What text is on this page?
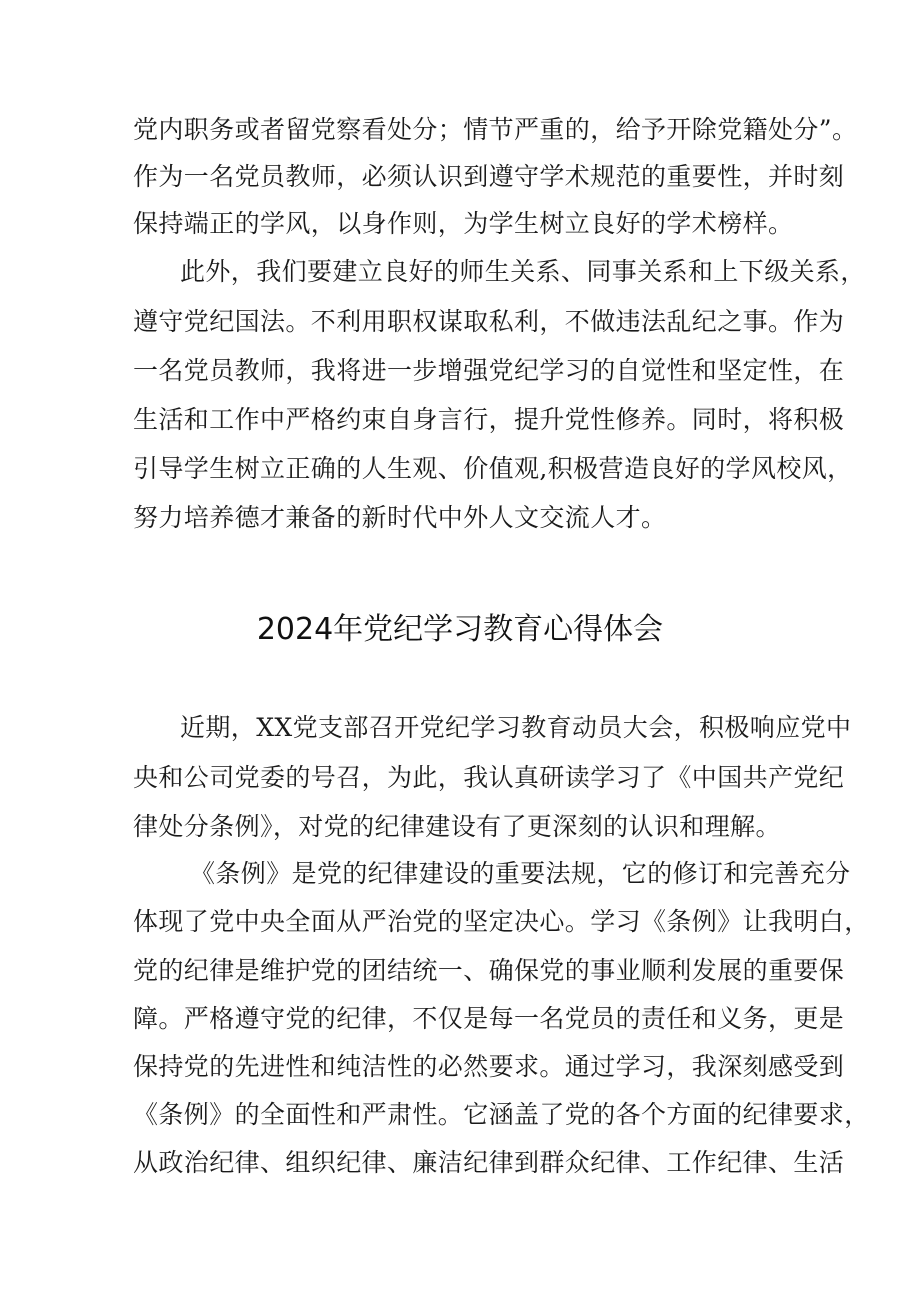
党内职务或者留党察看处分；情节严重的，给予开除党籍处分”。
作为一名党员教师，必须认识到遵守学术规范的重要性，并时刻
保持端正的学风，以身作则，为学生树立良好的学术榜样。
此外，我们要建立良好的师生关系、同事关系和上下级关系，
遵守党纪国法。不利用职权谋取私利，不做违法乱纪之事。作为
一名党员教师，我将进一步增强党纪学习的自觉性和坚定性，在
生活和工作中严格约束自身言行，提升党性修养。同时，将积极
引导学生树立正确的人生观、价值观,积极营造良好的学风校风，
努力培养德才兼备的新时代中外人文交流人才。
2024年党纪学习教育心得体会
近期，XX党支部召开党纪学习教育动员大会，积极响应党中
央和公司党委的号召，为此，我认真研读学习了《中国共产党纪
律处分条例》，对党的纪律建设有了更深刻的认识和理解。
《条例》是党的纪律建设的重要法规，它的修订和完善充分
体现了党中央全面从严治党的坚定决心。学习《条例》让我明白，
党的纪律是维护党的团结统一、确保党的事业顺利发展的重要保
障。严格遵守党的纪律，不仅是每一名党员的责任和义务，更是
保持党的先进性和纯洁性的必然要求。通过学习，我深刻感受到
《条例》的全面性和严肃性。它涵盖了党的各个方面的纪律要求，
从政治纪律、组织纪律、廉洁纪律到群众纪律、工作纪律、生活
